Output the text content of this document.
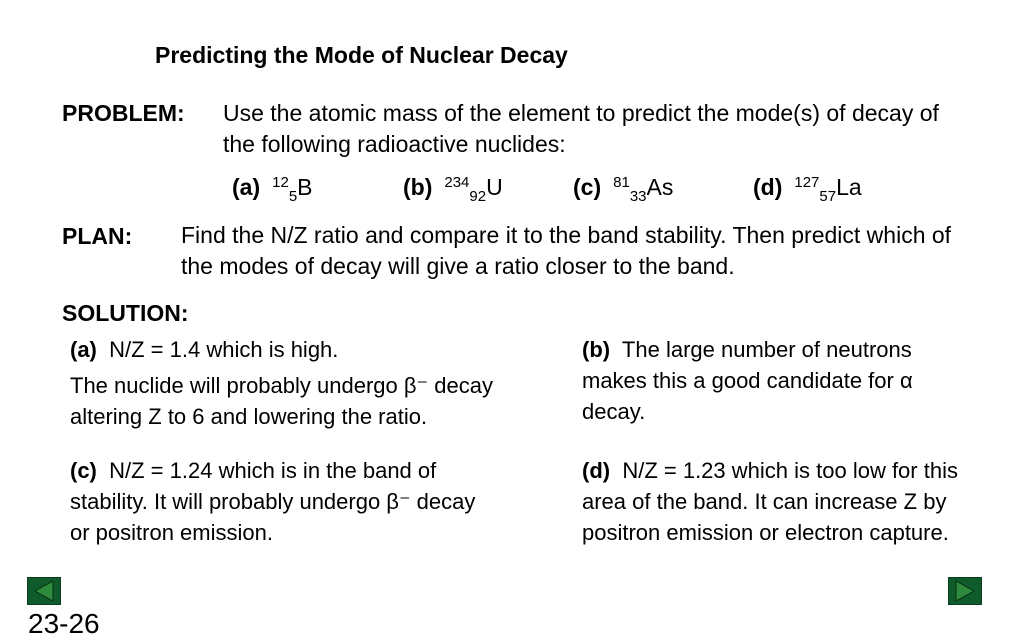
Predicting the Mode of Nuclear Decay
PROBLEM: Use the atomic mass of the element to predict the mode(s) of decay of the following radioactive nuclides:
(a) $^{12}_5$B	(b) $^{234}_{92}$U	(c) $^{81}_{33}$As	(d) $^{127}_{57}$La
PLAN: Find the N/Z ratio and compare it to the band stability. Then predict which of the modes of decay will give a ratio closer to the band.
SOLUTION:
(a) N/Z = 1.4 which is high.
The nuclide will probably undergo β⁻ decay altering Z to 6 and lowering the ratio.
(b) The large number of neutrons makes this a good candidate for α decay.
(c) N/Z = 1.24 which is in the band of stability. It will probably undergo β⁻ decay or positron emission.
(d) N/Z = 1.23 which is too low for this area of the band. It can increase Z by positron emission or electron capture.
23-26
